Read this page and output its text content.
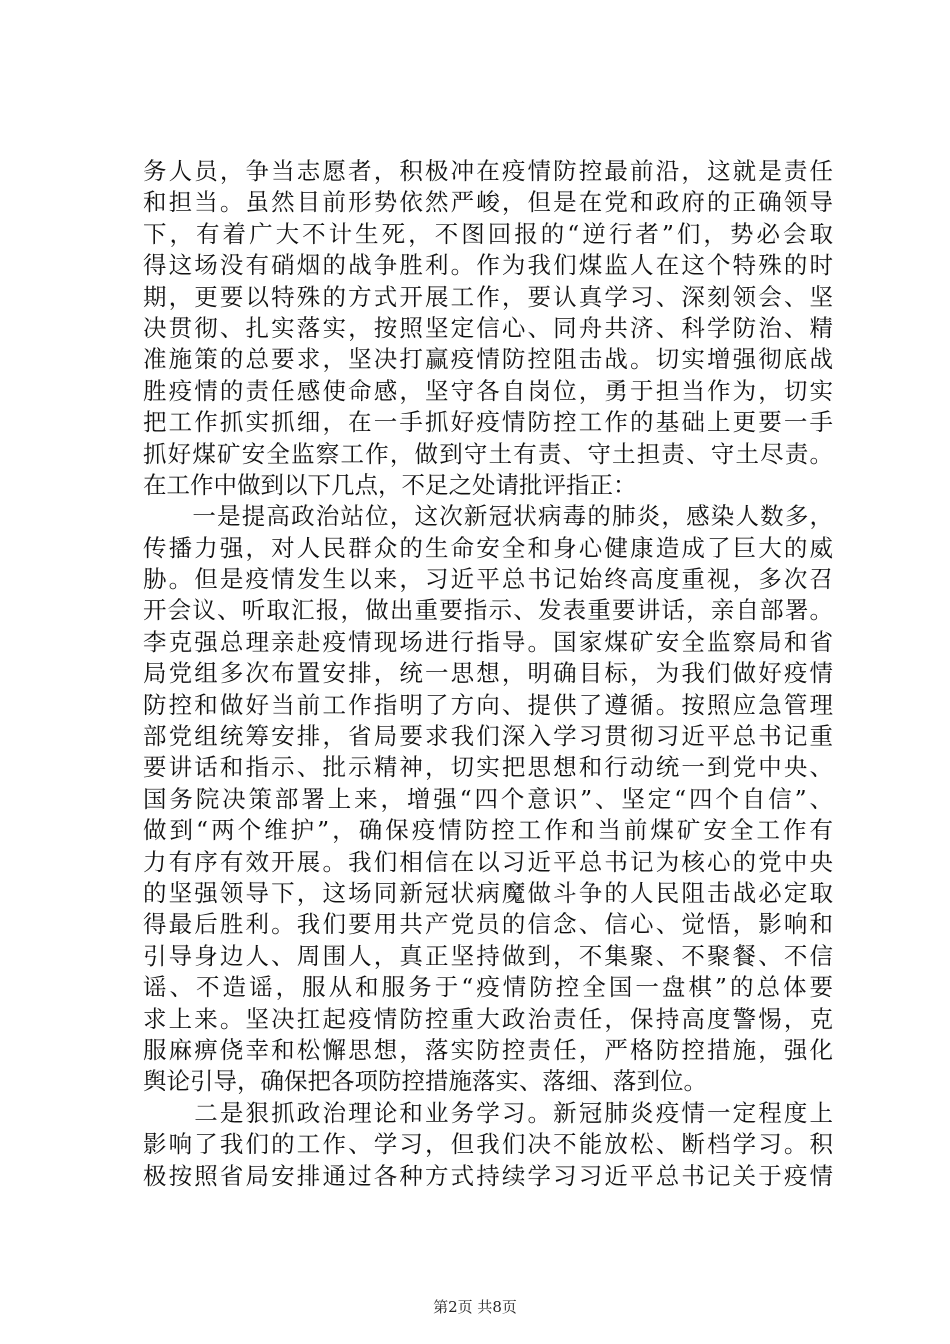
务人员，争当志愿者，积极冲在疫情防控最前沿，这就是责任
和担当。虽然目前形势依然严峻，但是在党和政府的正确领导
下，有着广大不计生死，不图回报的“逆行者”们，势必会取
得这场没有硝烟的战争胜利。作为我们煤监人在这个特殊的时
期，更要以特殊的方式开展工作，要认真学习、深刻领会、坚
决贯彻、扎实落实，按照坚定信心、同舟共济、科学防治、精
准施策的总要求，坚决打赢疫情防控阻击战。切实增强彻底战
胜疫情的责任感使命感，坚守各自岗位，勇于担当作为，切实
把工作抓实抓细，在一手抓好疫情防控工作的基础上更要一手
抓好煤矿安全监察工作，做到守土有责、守土担责、守土尽责。
在工作中做到以下几点，不足之处请批评指正：
　　一是提高政治站位，这次新冠状病毒的肺炎，感染人数多，
传播力强，对人民群众的生命安全和身心健康造成了巨大的威
胁。但是疫情发生以来，习近平总书记始终高度重视，多次召
开会议、听取汇报，做出重要指示、发表重要讲话，亲自部署。
李克强总理亲赴疫情现场进行指导。国家煤矿安全监察局和省
局党组多次布置安排，统一思想，明确目标，为我们做好疫情
防控和做好当前工作指明了方向、提供了遵循。按照应急管理
部党组统筹安排，省局要求我们深入学习贯彻习近平总书记重
要讲话和指示、批示精神，切实把思想和行动统一到党中央、
国务院决策部署上来，增强“四个意识”、坚定“四个自信”、
做到“两个维护”，确保疫情防控工作和当前煤矿安全工作有
力有序有效开展。我们相信在以习近平总书记为核心的党中央
的坚强领导下，这场同新冠状病魔做斗争的人民阻击战必定取
得最后胜利。我们要用共产党员的信念、信心、觉悟，影响和
引导身边人、周围人，真正坚持做到，不集聚、不聚餐、不信
谣、不造谣，服从和服务于“疫情防控全国一盘棋”的总体要
求上来。坚决扛起疫情防控重大政治责任，保持高度警惕，克
服麻痹侥幸和松懈思想，落实防控责任，严格防控措施，强化
舆论引导，确保把各项防控措施落实、落细、落到位。
　　二是狠抓政治理论和业务学习。新冠肺炎疫情一定程度上
影响了我们的工作、学习，但我们决不能放松、断档学习。积
极按照省局安排通过各种方式持续学习习近平总书记关于疫情
第2页 共8页
